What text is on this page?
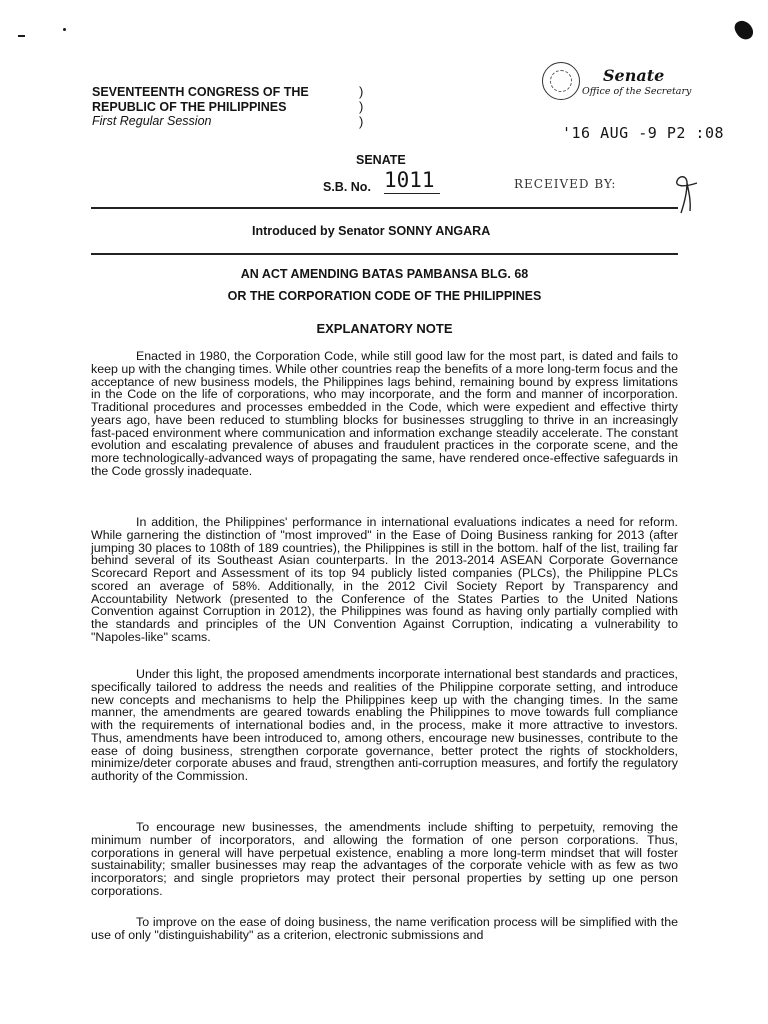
SEVENTEENTH CONGRESS OF THE
REPUBLIC OF THE PHILIPPINES
First Regular Session
)
)
)
Senate
Office of the Secretary
'16 AUG -9 P2 :08
RECEIVED BY:
SENATE
S.B. No. 1011
Introduced by Senator SONNY ANGARA
AN ACT AMENDING BATAS PAMBANSA BLG. 68
OR THE CORPORATION CODE OF THE PHILIPPINES
EXPLANATORY NOTE

Enacted in 1980, the Corporation Code, while still good law for the most part, is dated and fails to keep up with the changing times. While other countries reap the benefits of a more long-term focus and the acceptance of new business models, the Philippines lags behind, remaining bound by express limitations in the Code on the life of corporations, who may incorporate, and the form and manner of incorporation. Traditional procedures and processes embedded in the Code, which were expedient and effective thirty years ago, have been reduced to stumbling blocks for businesses struggling to thrive in an increasingly fast-paced environment where communication and information exchange steadily accelerate. The constant evolution and escalating prevalence of abuses and fraudulent practices in the corporate scene, and the more technologically-advanced ways of propagating the same, have rendered once-effective safeguards in the Code grossly inadequate.

In addition, the Philippines' performance in international evaluations indicates a need for reform. While garnering the distinction of "most improved" in the Ease of Doing Business ranking for 2013 (after jumping 30 places to 108th of 189 countries), the Philippines is still in the bottom. half of the list, trailing far behind several of its Southeast Asian counterparts. In the 2013-2014 ASEAN Corporate Governance Scorecard Report and Assessment of its top 94 publicly listed companies (PLCs), the Philippine PLCs scored an average of 58%. Additionally, in the 2012 Civil Society Report by Transparency and Accountability Network (presented to the Conference of the States Parties to the United Nations Convention against Corruption in 2012), the Philippines was found as having only partially complied with the standards and principles of the UN Convention Against Corruption, indicating a vulnerability to "Napoles-like" scams.

Under this light, the proposed amendments incorporate international best standards and practices, specifically tailored to address the needs and realities of the Philippine corporate setting, and introduce new concepts and mechanisms to help the Philippines keep up with the changing times. In the same manner, the amendments are geared towards enabling the Philippines to move towards full compliance with the requirements of international bodies and, in the process, make it more attractive to investors. Thus, amendments have been introduced to, among others, encourage new businesses, contribute to the ease of doing business, strengthen corporate governance, better protect the rights of stockholders, minimize/deter corporate abuses and fraud, strengthen anti-corruption measures, and fortify the regulatory authority of the Commission.

To encourage new businesses, the amendments include shifting to perpetuity, removing the minimum number of incorporators, and allowing the formation of one person corporations. Thus, corporations in general will have perpetual existence, enabling a more long-term mindset that will foster sustainability; smaller businesses may reap the advantages of the corporate vehicle with as few as two incorporators; and single proprietors may protect their personal properties by setting up one person corporations.

To improve on the ease of doing business, the name verification process will be simplified with the use of only "distinguishability" as a criterion, electronic submissions and
